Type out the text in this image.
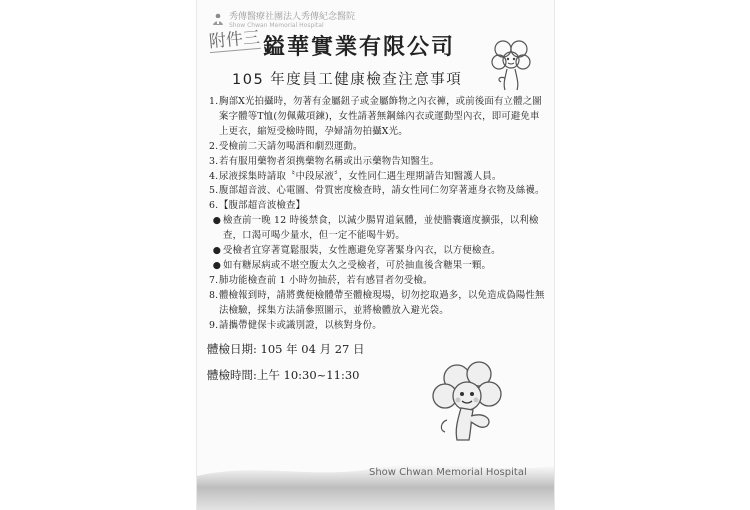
秀傳醫療社團法人秀傳紀念醫院
Show Chwan Memorial Hospital
附件三 鎰華實業有限公司
105 年度員工健康檢查注意事項
1. 胸部X光拍攝時，勿著有金屬鈕子或金屬飾物之內衣褲，或前後面有立體之圖案字體等T恤(勿佩戴項鍊)，女性請著無鋼絲內衣或運動型內衣，即可避免車上更衣，縮短受檢時間，孕婦請勿拍攝X光。
2. 受檢前二天請勿喝酒和劇烈運動。
3. 若有服用藥物者須携藥物名稱或出示藥物告知醫生。
4. 尿液採集時請取〝中段尿液〞，女性同仁遇生理期請告知醫護人員。
5. 腹部超音波、心電圖、骨質密度檢查時，請女性同仁勿穿著連身衣物及絲襪。
6. 【腹部超音波檢查】
● 檢查前一晚 12 時後禁食，以減少腸胃道氣體，並使膽囊適度擴張，以利檢查，口渴可喝少量水，但一定不能喝牛奶。
● 受檢者宜穿著寬鬆服裝，女性應避免穿著緊身內衣，以方便檢查。
● 如有糖尿病或不堪空腹太久之受檢者，可於抽血後含糖果一顆。
7. 肺功能檢查前 1 小時勿抽菸，若有感冒者勿受檢。
8. 體檢報到時，請將糞便檢體帶至體檢現場，切勿挖取過多，以免造成偽陽性無法檢驗，採集方法請參照圖示，並將檢體放入避光袋。
9. 請攜帶健保卡或識別證，以核對身份。
體檢日期: 105 年 04 月 27 日
體檢時間:上午 10:30~11:30
Show Chwan Memorial Hospital
